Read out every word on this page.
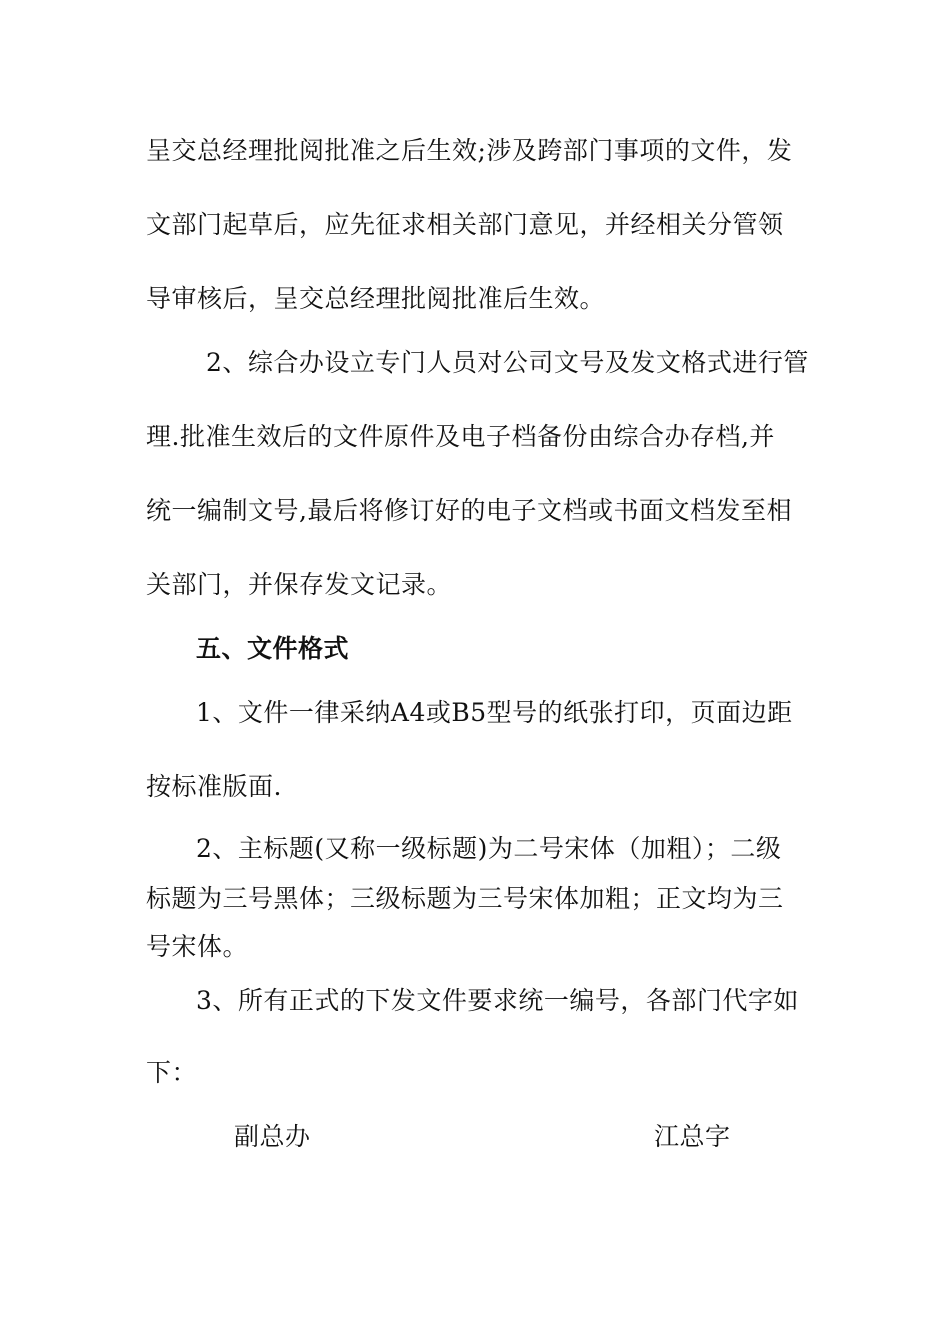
呈交总经理批阅批准之后生效;涉及跨部门事项的文件，发
文部门起草后，应先征求相关部门意见，并经相关分管领
导审核后，呈交总经理批阅批准后生效。
2、综合办设立专门人员对公司文号及发文格式进行管
理.批准生效后的文件原件及电子档备份由综合办存档,并
统一编制文号,最后将修订好的电子文档或书面文档发至相
关部门，并保存发文记录。
五、文件格式
1、文件一律采纳A4或B5型号的纸张打印，页面边距
按标准版面.
2、主标题(又称一级标题)为二号宋体（加粗）；二级
标题为三号黑体；三级标题为三号宋体加粗；正文均为三
号宋体。
3、所有正式的下发文件要求统一编号，各部门代字如
下：
副总办	江总字
